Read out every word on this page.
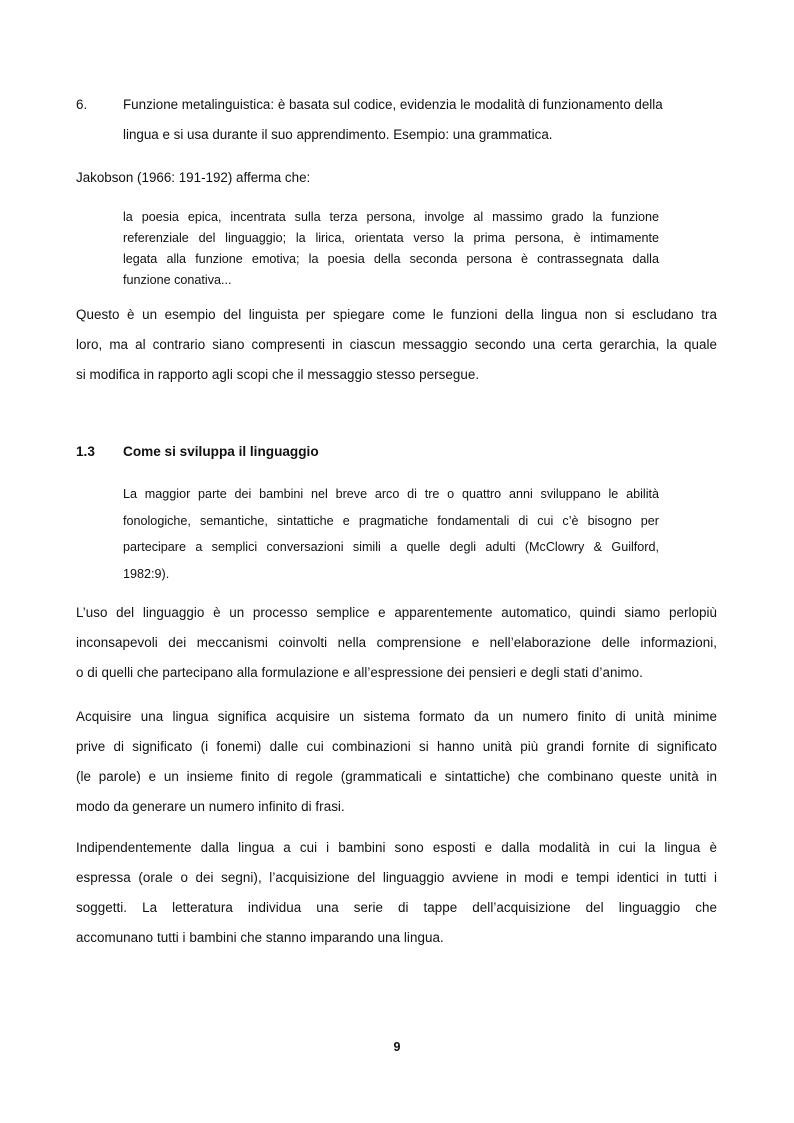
6.	Funzione metalinguistica: è basata sul codice, evidenzia le modalità di funzionamento della
lingua e si usa durante il suo apprendimento. Esempio: una grammatica.
Jakobson (1966: 191-192) afferma che:
la poesia epica, incentrata sulla terza persona, involge al massimo grado la funzione
referenziale del linguaggio; la lirica, orientata verso la prima persona, è intimamente
legata alla funzione emotiva; la poesia della seconda persona è contrassegnata dalla
funzione conativa...
Questo è un esempio del linguista per spiegare come le funzioni della lingua non si escludano tra
loro, ma al contrario siano compresenti in ciascun messaggio secondo una certa gerarchia, la quale
si modifica in rapporto agli scopi che il messaggio stesso persegue.
1.3 Come si sviluppa il linguaggio
La maggior parte dei bambini nel breve arco di tre o quattro anni sviluppano le abilità
fonologiche, semantiche, sintattiche e pragmatiche fondamentali di cui c’è bisogno per
partecipare a semplici conversazioni simili a quelle degli adulti (McClowry & Guilford,
1982:9).
L’uso del linguaggio è un processo semplice e apparentemente automatico, quindi siamo perlopiù
inconsapevoli dei meccanismi coinvolti nella comprensione e nell’elaborazione delle informazioni,
o di quelli che partecipano alla formulazione e all’espressione dei pensieri e degli stati d’animo.
Acquisire una lingua significa acquisire un sistema formato da un numero finito di unità minime
prive di significato (i fonemi) dalle cui combinazioni si hanno unità più grandi fornite di significato
(le parole) e un insieme finito di regole (grammaticali e sintattiche) che combinano queste unità in
modo da generare un numero infinito di frasi.
Indipendentemente dalla lingua a cui i bambini sono esposti e dalla modalità in cui la lingua è
espressa (orale o dei segni), l’acquisizione del linguaggio avviene in modi e tempi identici in tutti i
soggetti. La letteratura individua una serie di tappe dell’acquisizione del linguaggio che
accomunano tutti i bambini che stanno imparando una lingua.
9
